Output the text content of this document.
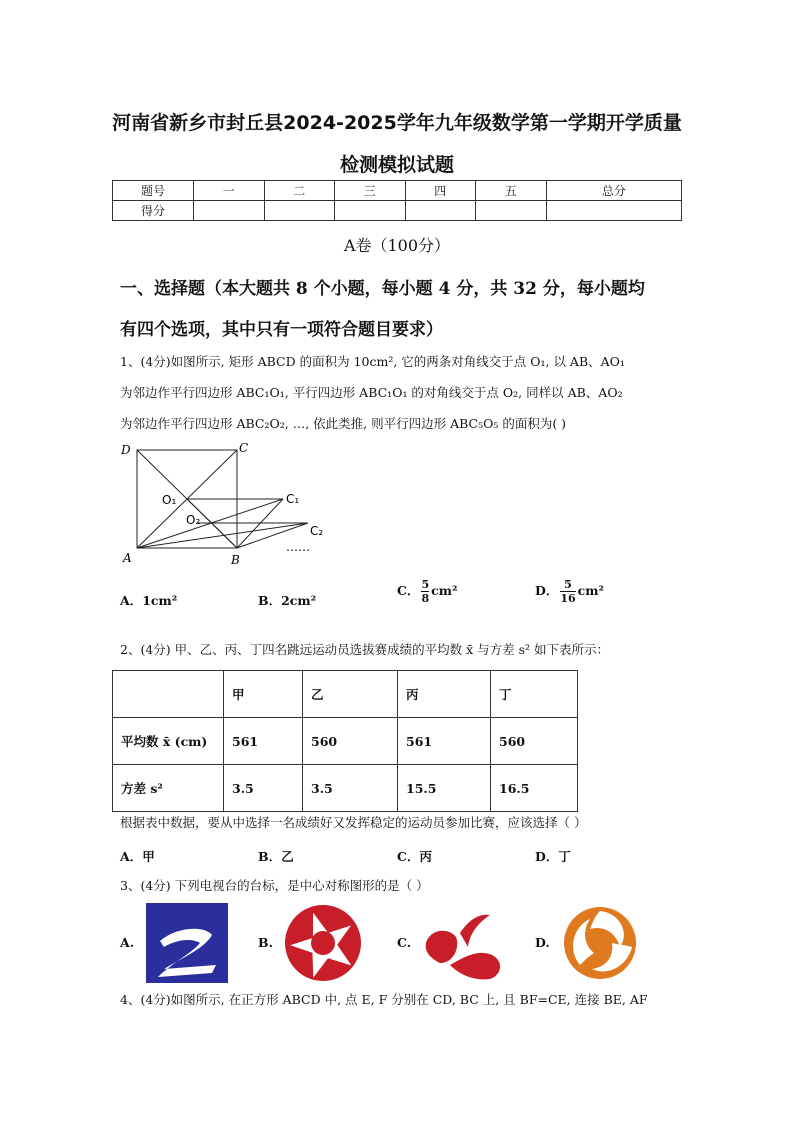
河南省新乡市封丘县2024-2025学年九年级数学第一学期开学质量
检测模拟试题
题号	一	二	三	四	五	总分
得分						
A卷（100分）
一、选择题（本大题共 8 个小题，每小题 4 分，共 32 分，每小题均
有四个选项，其中只有一项符合题目要求）
1、(4分)如图所示, 矩形 ABCD 的面积为 10cm², 它的两条对角线交于点 O₁, 以 AB、AO₁
为邻边作平行四边形 ABC₁O₁, 平行四边形 ABC₁O₁ 的对角线交于点 O₂, 同样以 AB、AO₂
为邻边作平行四边形 ABC₂O₂, …, 依此类推, 则平行四边形 ABC₅O₅ 的面积为( )
D	C
A	B
O₁
O₂
C₁
C₂
……
A．1cm²	B．2cm²
C． $\frac{5}{8} cm^2$	D． $\frac{5}{16} cm^2$
2、(4分) 甲、乙、丙、丁四名跳远运动员选拔赛成绩的平均数 x̄ 与方差 s² 如下表所示：
	甲	乙	丙	丁
平均数 x̄ (cm)	561	560	561	560
方差 s²	3.5	3.5	15.5	16.5
根据表中数据，要从中选择一名成绩好又发挥稳定的运动员参加比赛，应该选择（ ）
A．甲	B．乙	C．丙	D．丁
3、(4分) 下列电视台的台标，是中心对称图形的是（ ）
A.	B.	C.	D.
4、(4分)如图所示, 在正方形 ABCD 中, 点 E, F 分别在 CD, BC 上, 且 BF=CE, 连接 BE, AF
